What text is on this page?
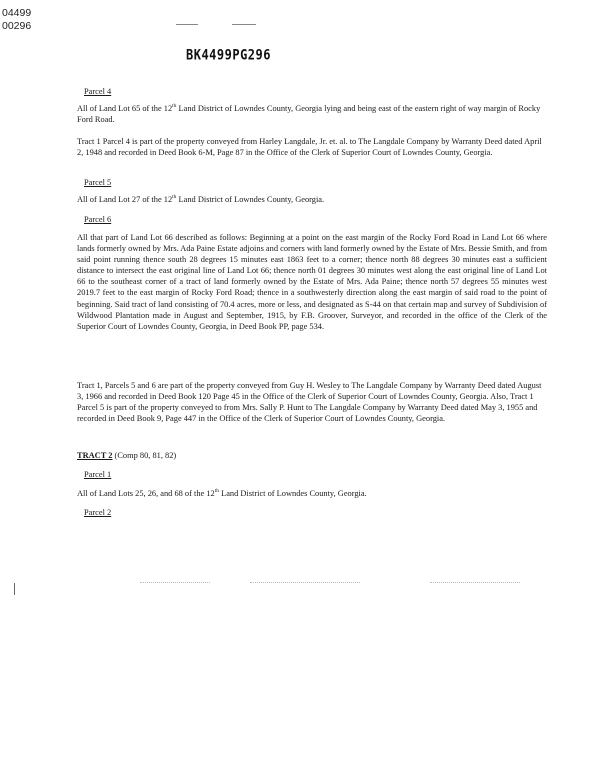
04499
00296
BK4499PG296
Parcel 4
All of Land Lot 65 of the 12th Land District of Lowndes County, Georgia lying and being east of the eastern right of way margin of Rocky Ford Road.
Tract 1 Parcel 4 is part of the property conveyed from Harley Langdale, Jr. et. al. to The Langdale Company by Warranty Deed dated April 2, 1948 and recorded in Deed Book 6-M, Page 87 in the Office of the Clerk of Superior Court of Lowndes County, Georgia.
Parcel 5
All of Land Lot 27 of the 12th Land District of Lowndes County, Georgia.
Parcel 6
All that part of Land Lot 66 described as follows: Beginning at a point on the east margin of the Rocky Ford Road in Land Lot 66 where lands formerly owned by Mrs. Ada Paine Estate adjoins and corners with land formerly owned by the Estate of Mrs. Bessie Smith, and from said point running thence south 28 degrees 15 minutes east 1863 feet to a corner; thence north 88 degrees 30 minutes east a sufficient distance to intersect the east original line of Land Lot 66; thence north 01 degrees 30 minutes west along the east original line of Land Lot 66 to the southeast corner of a tract of land formerly owned by the Estate of Mrs. Ada Paine; thence north 57 degrees 55 minutes west 2019.7 feet to the east margin of Rocky Ford Road; thence in a southwesterly direction along the east margin of said road to the point of beginning. Said tract of land consisting of 70.4 acres, more or less, and designated as S-44 on that certain map and survey of Subdivision of Wildwood Plantation made in August and September, 1915, by F.B. Groover, Surveyor, and recorded in the office of the Clerk of the Superior Court of Lowndes County, Georgia, in Deed Book PP, page 534.
Tract 1, Parcels 5 and 6 are part of the property conveyed from Guy H. Wesley to The Langdale Company by Warranty Deed dated August 3, 1966 and recorded in Deed Book 120 Page 45 in the Office of the Clerk of Superior Court of Lowndes County, Georgia. Also, Tract 1 Parcel 5 is part of the property conveyed to from Mrs. Sally P. Hunt to The Langdale Company by Warranty Deed dated May 3, 1955 and recorded in Deed Book 9, Page 447 in the Office of the Clerk of Superior Court of Lowndes County, Georgia.
TRACT 2 (Comp 80, 81, 82)
Parcel 1
All of Land Lots 25, 26, and 68 of the 12th Land District of Lowndes County, Georgia.
Parcel 2
